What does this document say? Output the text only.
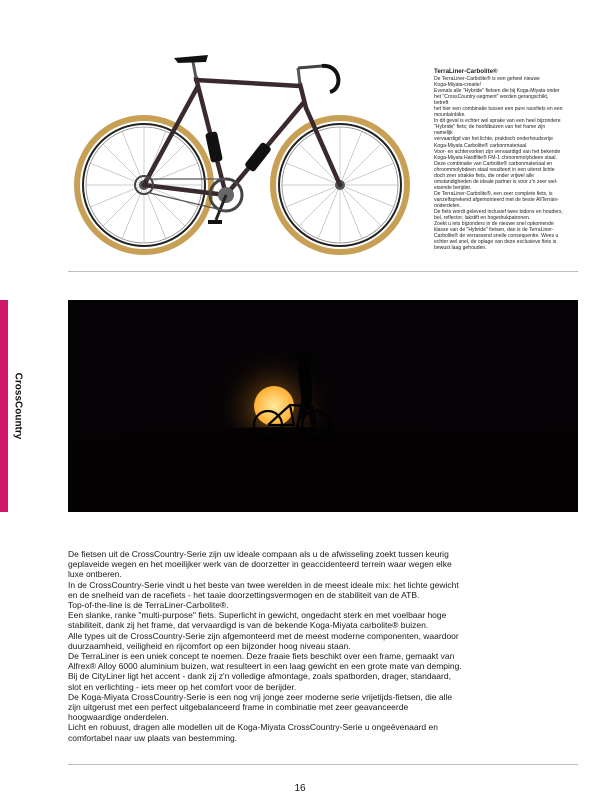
TerraLiner-Carbolite®

De TerraLiner-Carbolite® is een geheel nieuwe

Koga-Miyata-creatie!

Evenals alle "Hybride" fietsen die bij Koga-Miyata onder

het "CrossCountry-segment" worden gerangschikt, betreft

het hier een combinatie tussen een pure racefiets en een

mountainbike.

In dit geval is echter wel sprake van een heel bijzondere

"Hybride" fiets; de hoofdbuizen van het frame zijn namelijk

vervaardigd van het lichte, praktisch onderhoudsvrije

Koga-Miyata Carbolite® carbonmateriaal.

Voor- en achtervorken zijn vervaardigd van het bekende

Koga-Miyata Hardflite® FM-1 chroommolybdeen staal.

Deze combinatie van Carbolite® carbonmateriaal en

chroommolybdeen staal resulteert in een uiterst lichte

doch zeer strakke fiets, die onder vrijwel alle

omstandigheden de ideale partner is voor z'n zeer wel-

eisende berijder.

De TerraLiner-Carbolite®, een zeer complete fiets, is

vanzelfsprekend afgemonteerd met de beste AllTerrain-

onderdelen.

De fiets wordt geleverd inclusief twee bidons en houders,

bel, reflector, lakstift en hogedrukpatronen.

Zoekt u iets bijzonders in de nieuwe snel opkomende

klasse van de "Hybride" fietsen, dan is de TerraLiner-

Carbolite® de verrassend snelle consequentie. Wees u

echter wel snel, de oplage van deze exclusieve fiets is

bewust laag gehouden.

CrossCountry

De fietsen uit de CrossCountry-Serie zijn uw ideale compaan als u de afwisseling zoekt tussen keurig

geplaveide wegen en het moeilijker werk van de doorzetter in geaccidenteerd terrein waar wegen elke

luxe ontberen.

In de CrossCountry-Serie vindt u het beste van twee werelden in de meest ideale mix: het lichte gewicht

en de snelheid van de racefiets - het taaie doorzettingsvermogen en de stabiliteit van de ATB.

Top-of-the-line is de TerraLiner-Carbolite®.

Een slanke, ranke "multi-purpose" fiets. Superlicht in gewicht, ongedacht sterk en met voelbaar hoge

stabiliteit, dank zij het frame, dat vervaardigd is van de bekende Koga-Miyata carbolite® buizen.

Alle types uit de CrossCountry-Serie zijn afgemonteerd met de meest moderne componenten, waardoor

duurzaamheid, veiligheid en rijcomfort op een bijzonder hoog niveau staan.

De TerraLiner is een uniek concept te noemen. Deze fraaie fiets beschikt over een frame, gemaakt van

Alfrex® Alloy 6000 aluminium buizen, wat resulteert in een laag gewicht en een grote mate van demping.

Bij de CityLiner ligt het accent - dank zij z'n volledige afmontage, zoals spatborden, drager, standaard,

slot en verlichting - iets meer op het comfort voor de berijder.

De Koga-Miyata CrossCountry-Serie is een nog vrij jonge zeer moderne serie vrijetijds-fietsen, die alle

zijn uitgerust met een perfect uitgebalanceerd frame in combinatie met zeer geavanceerde

hoogwaardige onderdelen.

Licht en robuust, dragen alle modellen uit de Koga-Miyata CrossCountry-Serie u ongeëvenaard en

comfortabel naar uw plaats van bestemming.

16
